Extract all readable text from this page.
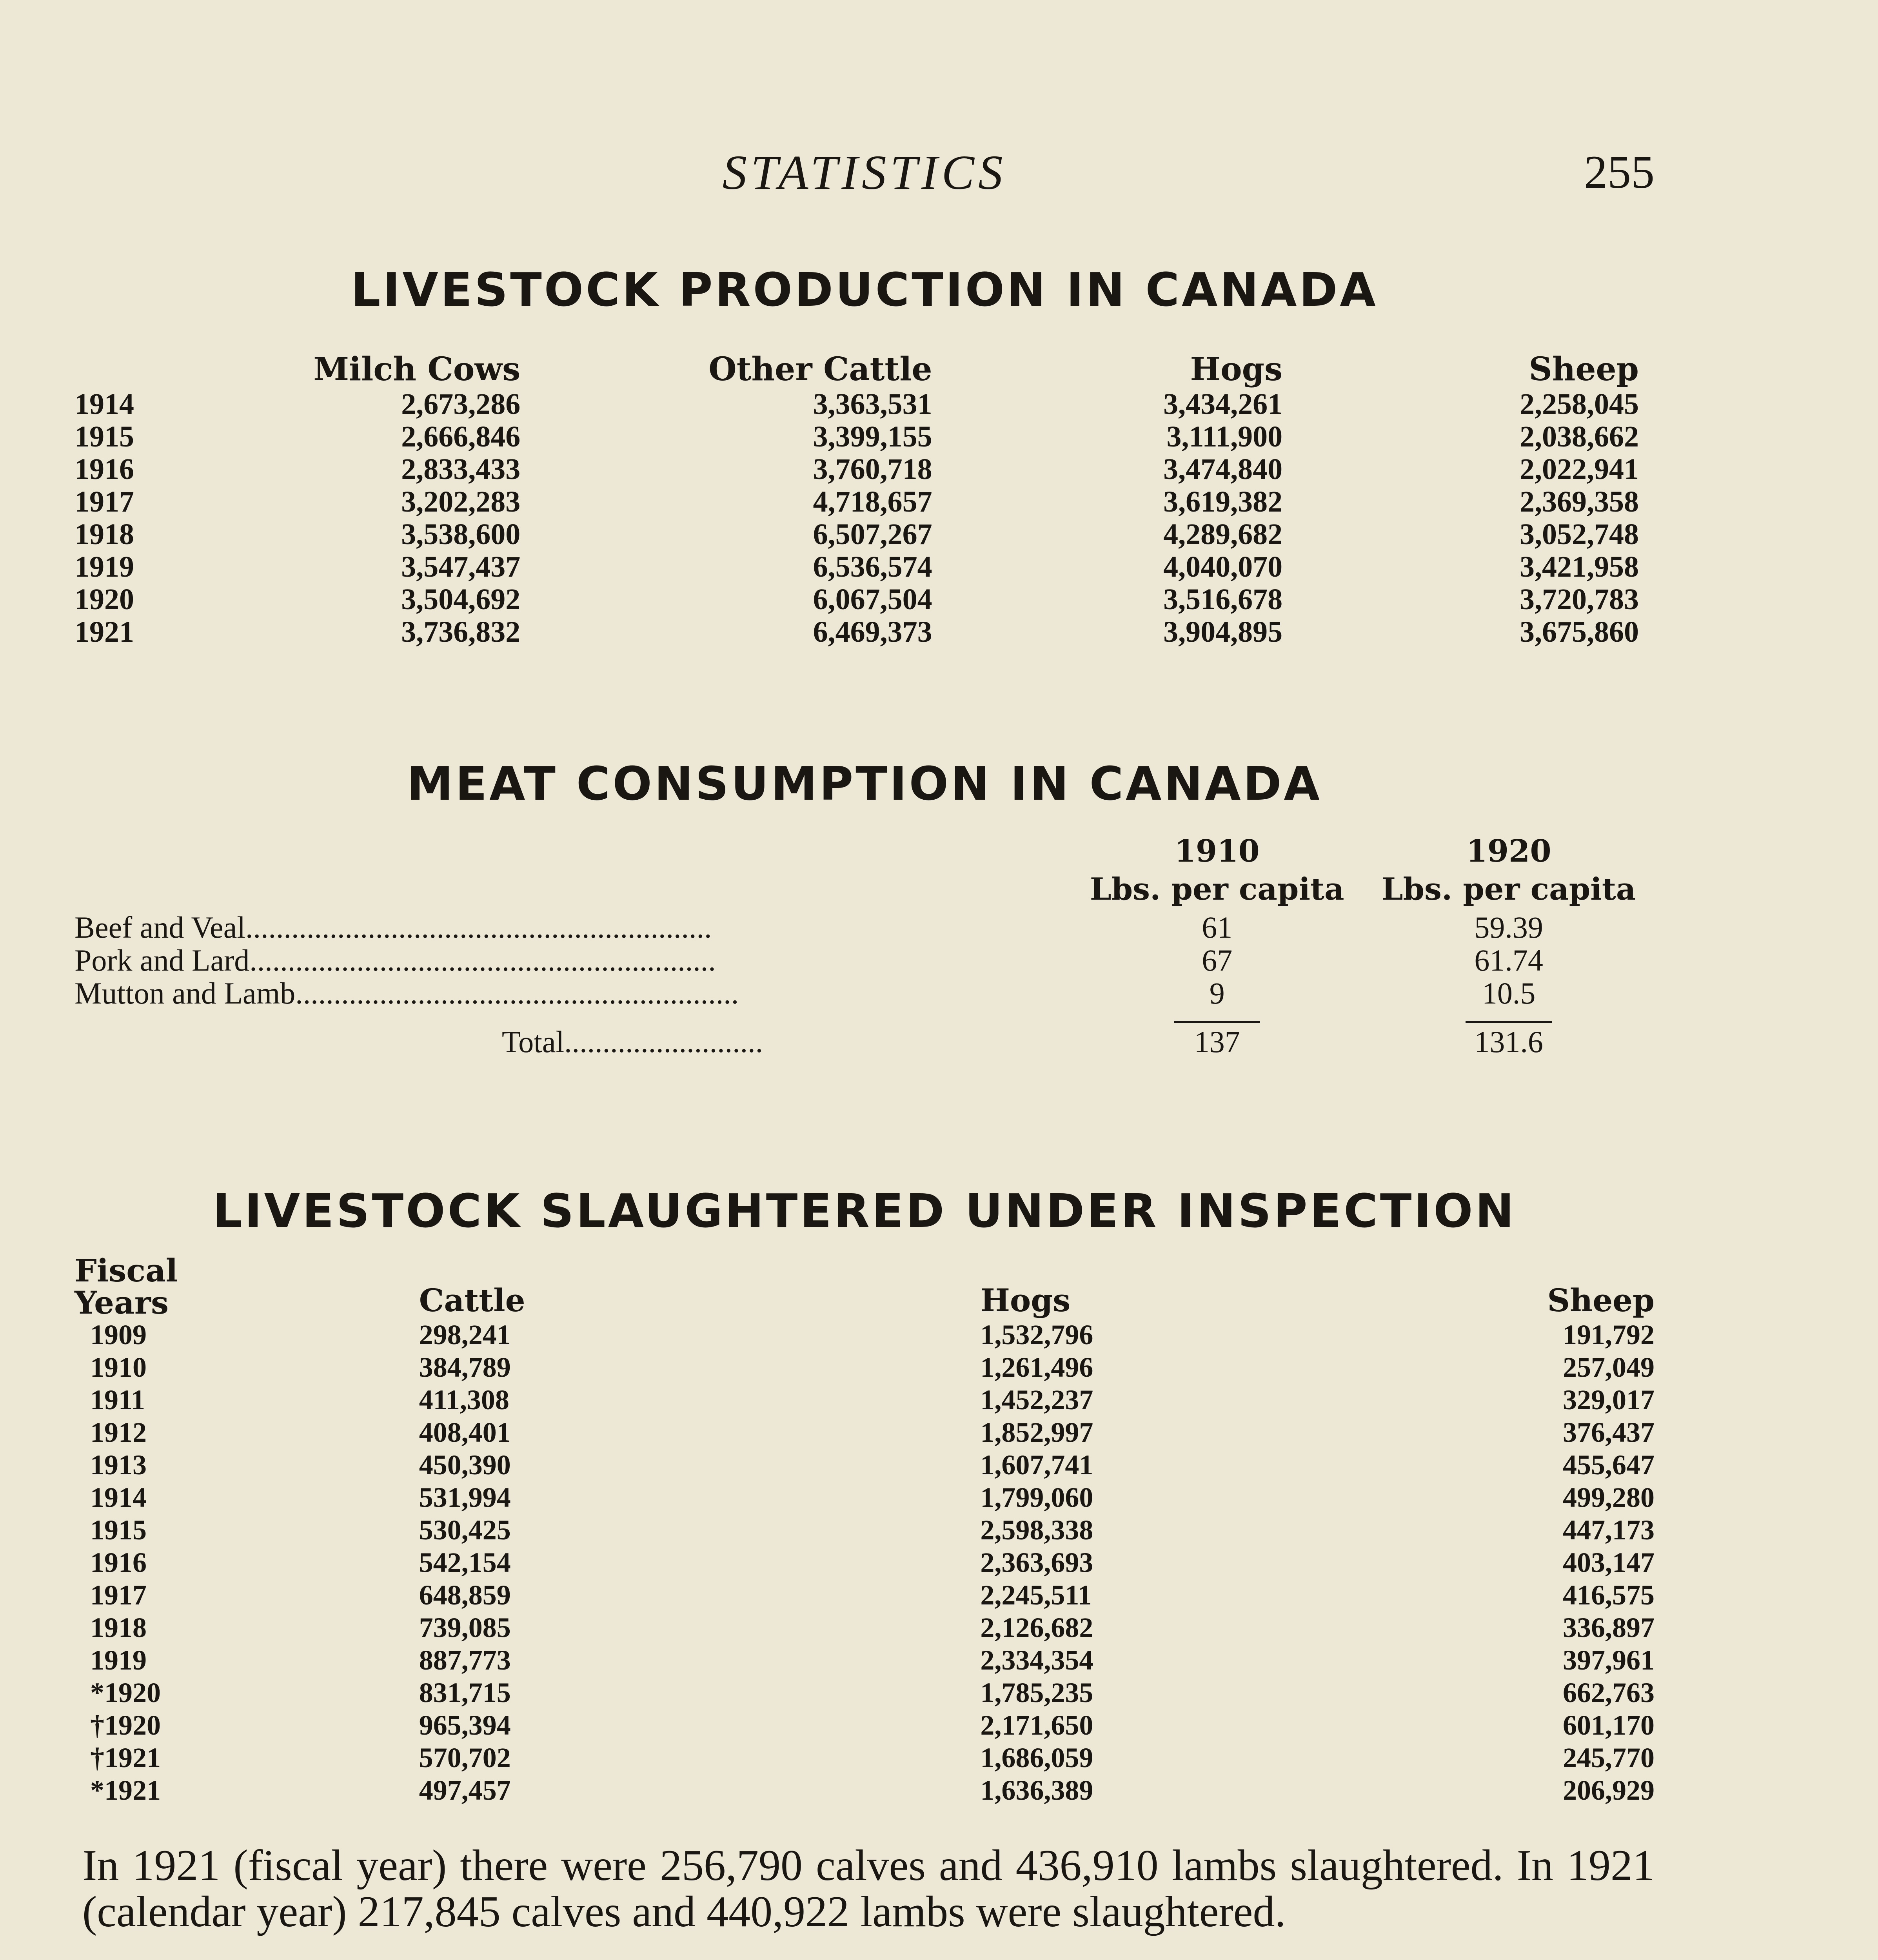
STATISTICS	255
LIVESTOCK PRODUCTION IN CANADA
	Milch Cows	Other Cattle	Hogs	Sheep
1914	2,673,286	3,363,531	3,434,261	2,258,045
1915	2,666,846	3,399,155	3,111,900	2,038,662
1916	2,833,433	3,760,718	3,474,840	2,022,941
1917	3,202,283	4,718,657	3,619,382	2,369,358
1918	3,538,600	6,507,267	4,289,682	3,052,748
1919	3,547,437	6,536,574	4,040,070	3,421,958
1920	3,504,692	6,067,504	3,516,678	3,720,783
1921	3,736,832	6,469,373	3,904,895	3,675,860
MEAT CONSUMPTION IN CANADA
	1910	1920
	Lbs. per capita	Lbs. per capita
Beef and Veal.............................................................	61	59.39
Pork and Lard.............................................................	67	61.74
Mutton and Lamb..........................................................	9	10.5

Total..........................	137	131.6
LIVESTOCK SLAUGHTERED UNDER INSPECTION
Fiscal
Years	Cattle	Hogs	Sheep
1909	298,241	1,532,796	191,792
1910	384,789	1,261,496	257,049
1911	411,308	1,452,237	329,017
1912	408,401	1,852,997	376,437
1913	450,390	1,607,741	455,647
1914	531,994	1,799,060	499,280
1915	530,425	2,598,338	447,173
1916	542,154	2,363,693	403,147
1917	648,859	2,245,511	416,575
1918	739,085	2,126,682	336,897
1919	887,773	2,334,354	397,961
*1920	831,715	1,785,235	662,763
†1920	965,394	2,171,650	601,170
†1921	570,702	1,686,059	245,770
*1921	497,457	1,636,389	206,929
In 1921 (fiscal year) there were 256,790 calves and 436,910 lambs slaughtered. In 1921 (calendar year) 217,845 calves and 440,922 lambs were slaughtered.
